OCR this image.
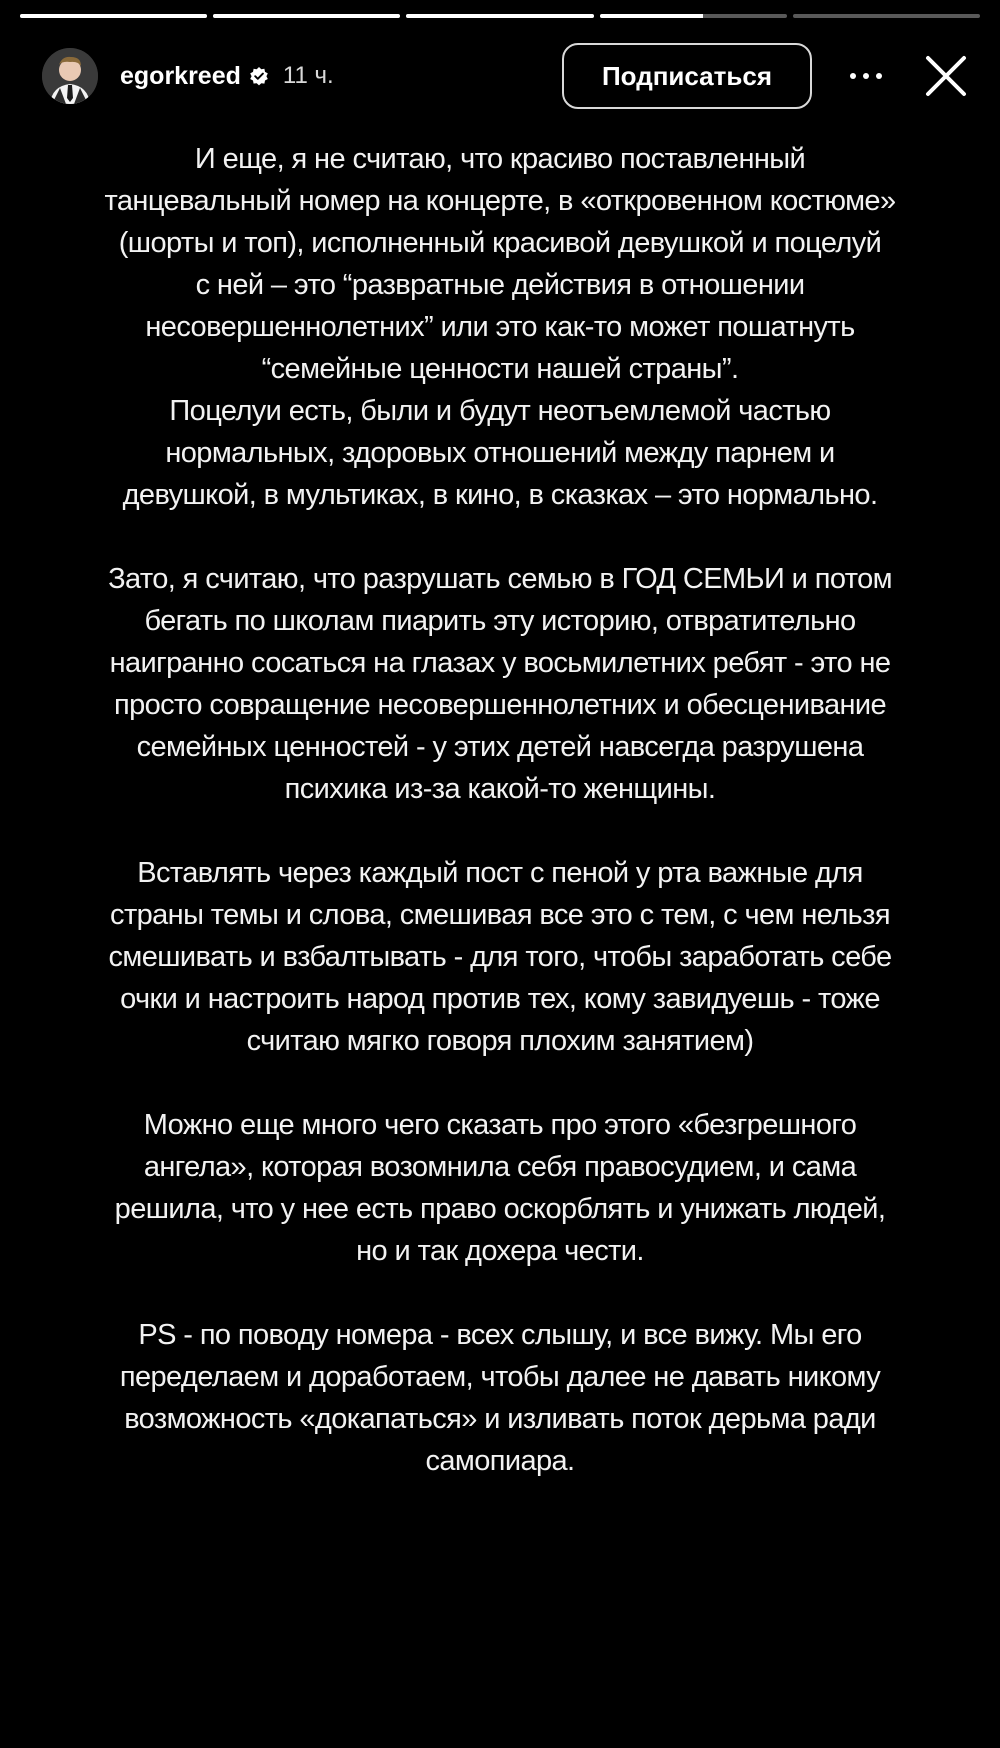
egorkreed 11 ч.	Подписаться

И еще, я не считаю, что красиво поставленный
танцевальный номер на концерте, в «откровенном костюме»
(шорты и топ), исполненный красивой девушкой и поцелуй
с ней – это “развратные действия в отношении
несовершеннолетних” или это как-то может пошатнуть
“семейные ценности нашей страны”.
Поцелуи есть, были и будут неотъемлемой частью
нормальных, здоровых отношений между парнем и
девушкой, в мультиках, в кино, в сказках – это нормально.

Зато, я считаю, что разрушать семью в ГОД СЕМЬИ и потом
бегать по школам пиарить эту историю, отвратительно
наигранно сосаться на глазах у восьмилетних ребят - это не
просто совращение несовершеннолетних и обесценивание
семейных ценностей - у этих детей навсегда разрушена
психика из-за какой-то женщины.

Вставлять через каждый пост с пеной у рта важные для
страны темы и слова, смешивая все это с тем, с чем нельзя
смешивать и взбалтывать - для того, чтобы заработать себе
очки и настроить народ против тех, кому завидуешь - тоже
считаю мягко говоря плохим занятием)

Можно еще много чего сказать про этого «безгрешного
ангела», которая возомнила себя правосудием, и сама
решила, что у нее есть право оскорблять и унижать людей,
но и так дохера чести.

PS - по поводу номера - всех слышу, и все вижу. Мы его
переделаем и доработаем, чтобы далее не давать никому
возможность «докапаться» и изливать поток дерьма ради
самопиара.
